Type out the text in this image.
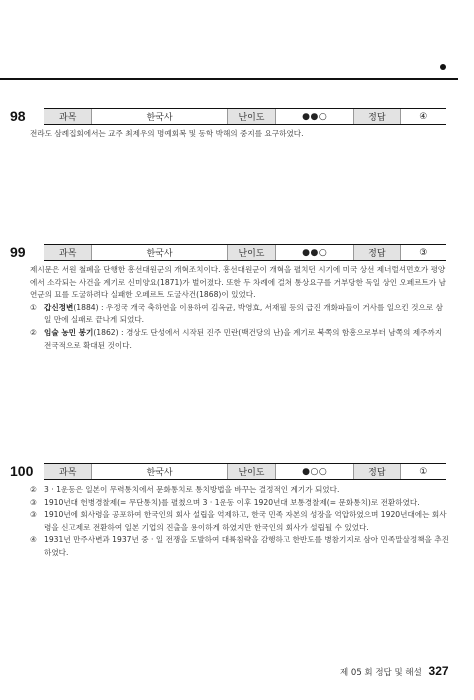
98	과목	한국사	난이도	●●○	정답	④

전라도 삼례집회에서는 교주 최제우의 명예회복 및 동학 박해의 중지를 요구하였다.

99	과목	한국사	난이도	●●○	정답	③

제시문은 서원 철폐을 단행한 흥선대원군의 개혁조치이다. 흥선대원군이 개혁을 펼치던 시기에 미국 상선 제너럴셔먼호가 평양에서 소각되는 사건을 계기로 신미양요(1871)가 벌어졌다. 또한 두 차례에 걸쳐 통상요구를 거부당한 독일 상인 오페르트가 남연군의 묘를 도굴하려다 실패한 오페르트 도굴사건(1868)이 있었다.

① 갑신정변(1884) : 우정국 개국 축하연을 이용하여 김옥균, 박영효, 서재필 등의 급진 개화파들이 거사를 일으킨 것으로 삼일 만에 실패로 끝나게 되었다.
② 임술 농민 봉기(1862) : 경상도 단성에서 시작된 진주 민란(백건당의 난)을 계기로 북쪽의 함흥으로부터 남쪽의 제주까지 전국적으로 확대된 것이다.
100	과목	한국사	난이도	●○○	정답	①
② 3 · 1운동은 일본이 무력통치에서 문화통치로 통치방법을 바꾸는 결정적인 계기가 되었다.
③ 1910년대 헌병경찰제(= 무단통치)를 펼쳤으며 3 · 1운동 이후 1920년대 보통경찰제(= 문화통치)로 전환하였다.
③ 1910년에 회사령을 공포하여 한국인의 회사 설립을 억제하고, 한국 민족 자본의 성장을 억압하였으며 1920년대에는 회사령을 신고제로 전환하여 일본 기업의 진출을 용이하게 하였지만 한국인의 회사가 설립될 수 있었다.
④ 1931년 만주사변과 1937년 중 · 일 전쟁을 도발하여 대륙침략을 감행하고 한반도를 병참기지로 삼아 민족말살정책을 추진하였다.
제 05 회 정답 및 해설 327
